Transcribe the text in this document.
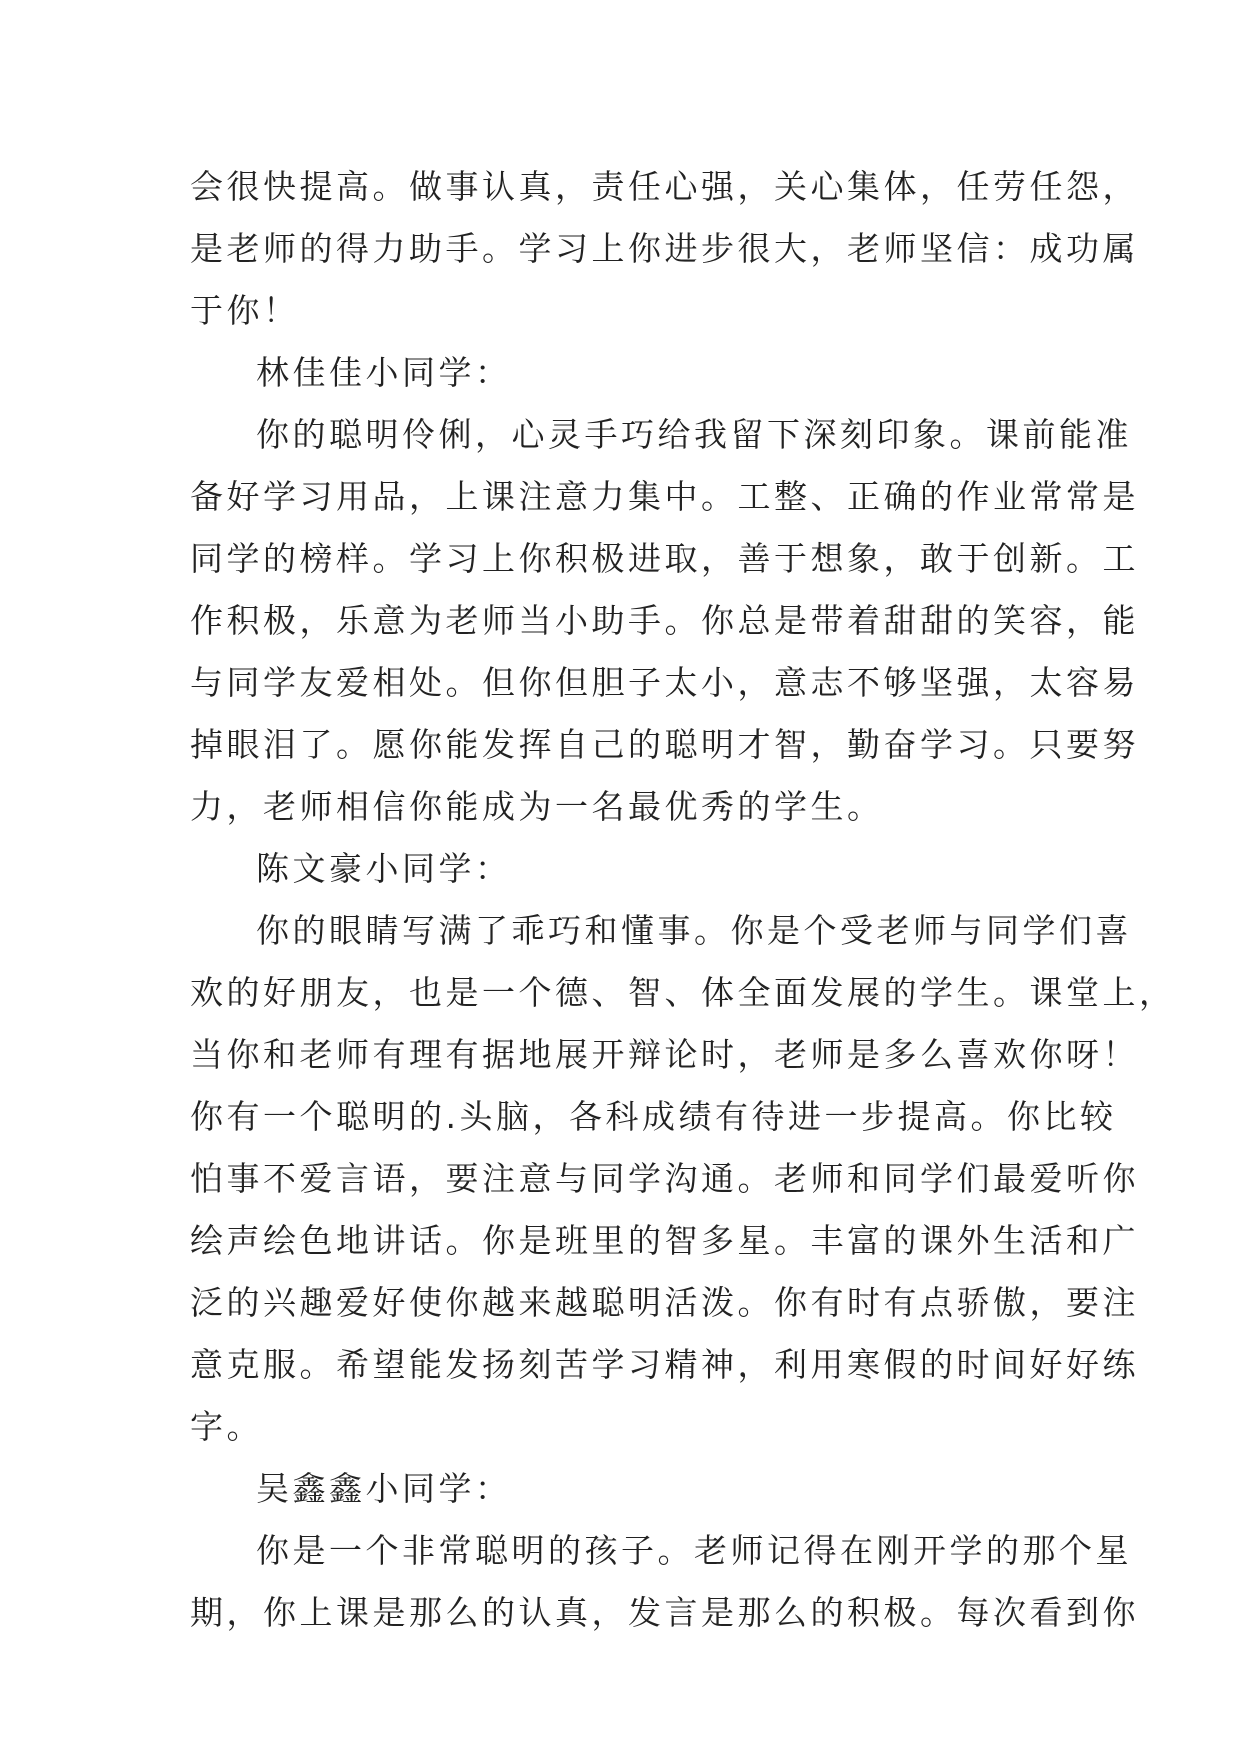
会很快提高。做事认真，责任心强，关心集体，任劳任怨，
是老师的得力助手。学习上你进步很大，老师坚信：成功属
于你！
林佳佳小同学：
你的聪明伶俐，心灵手巧给我留下深刻印象。课前能准
备好学习用品，上课注意力集中。工整、正确的作业常常是
同学的榜样。学习上你积极进取，善于想象，敢于创新。工
作积极，乐意为老师当小助手。你总是带着甜甜的笑容，能
与同学友爱相处。但你但胆子太小，意志不够坚强，太容易
掉眼泪了。愿你能发挥自己的聪明才智，勤奋学习。只要努
力，老师相信你能成为一名最优秀的学生。
陈文豪小同学：
你的眼睛写满了乖巧和懂事。你是个受老师与同学们喜
欢的好朋友，也是一个德、智、体全面发展的学生。课堂上，
当你和老师有理有据地展开辩论时，老师是多么喜欢你呀！
你有一个聪明的.头脑，各科成绩有待进一步提高。你比较
怕事不爱言语，要注意与同学沟通。老师和同学们最爱听你
绘声绘色地讲话。你是班里的智多星。丰富的课外生活和广
泛的兴趣爱好使你越来越聪明活泼。你有时有点骄傲，要注
意克服。希望能发扬刻苦学习精神，利用寒假的时间好好练
字。
吴鑫鑫小同学：
你是一个非常聪明的孩子。老师记得在刚开学的那个星
期，你上课是那么的认真，发言是那么的积极。每次看到你
